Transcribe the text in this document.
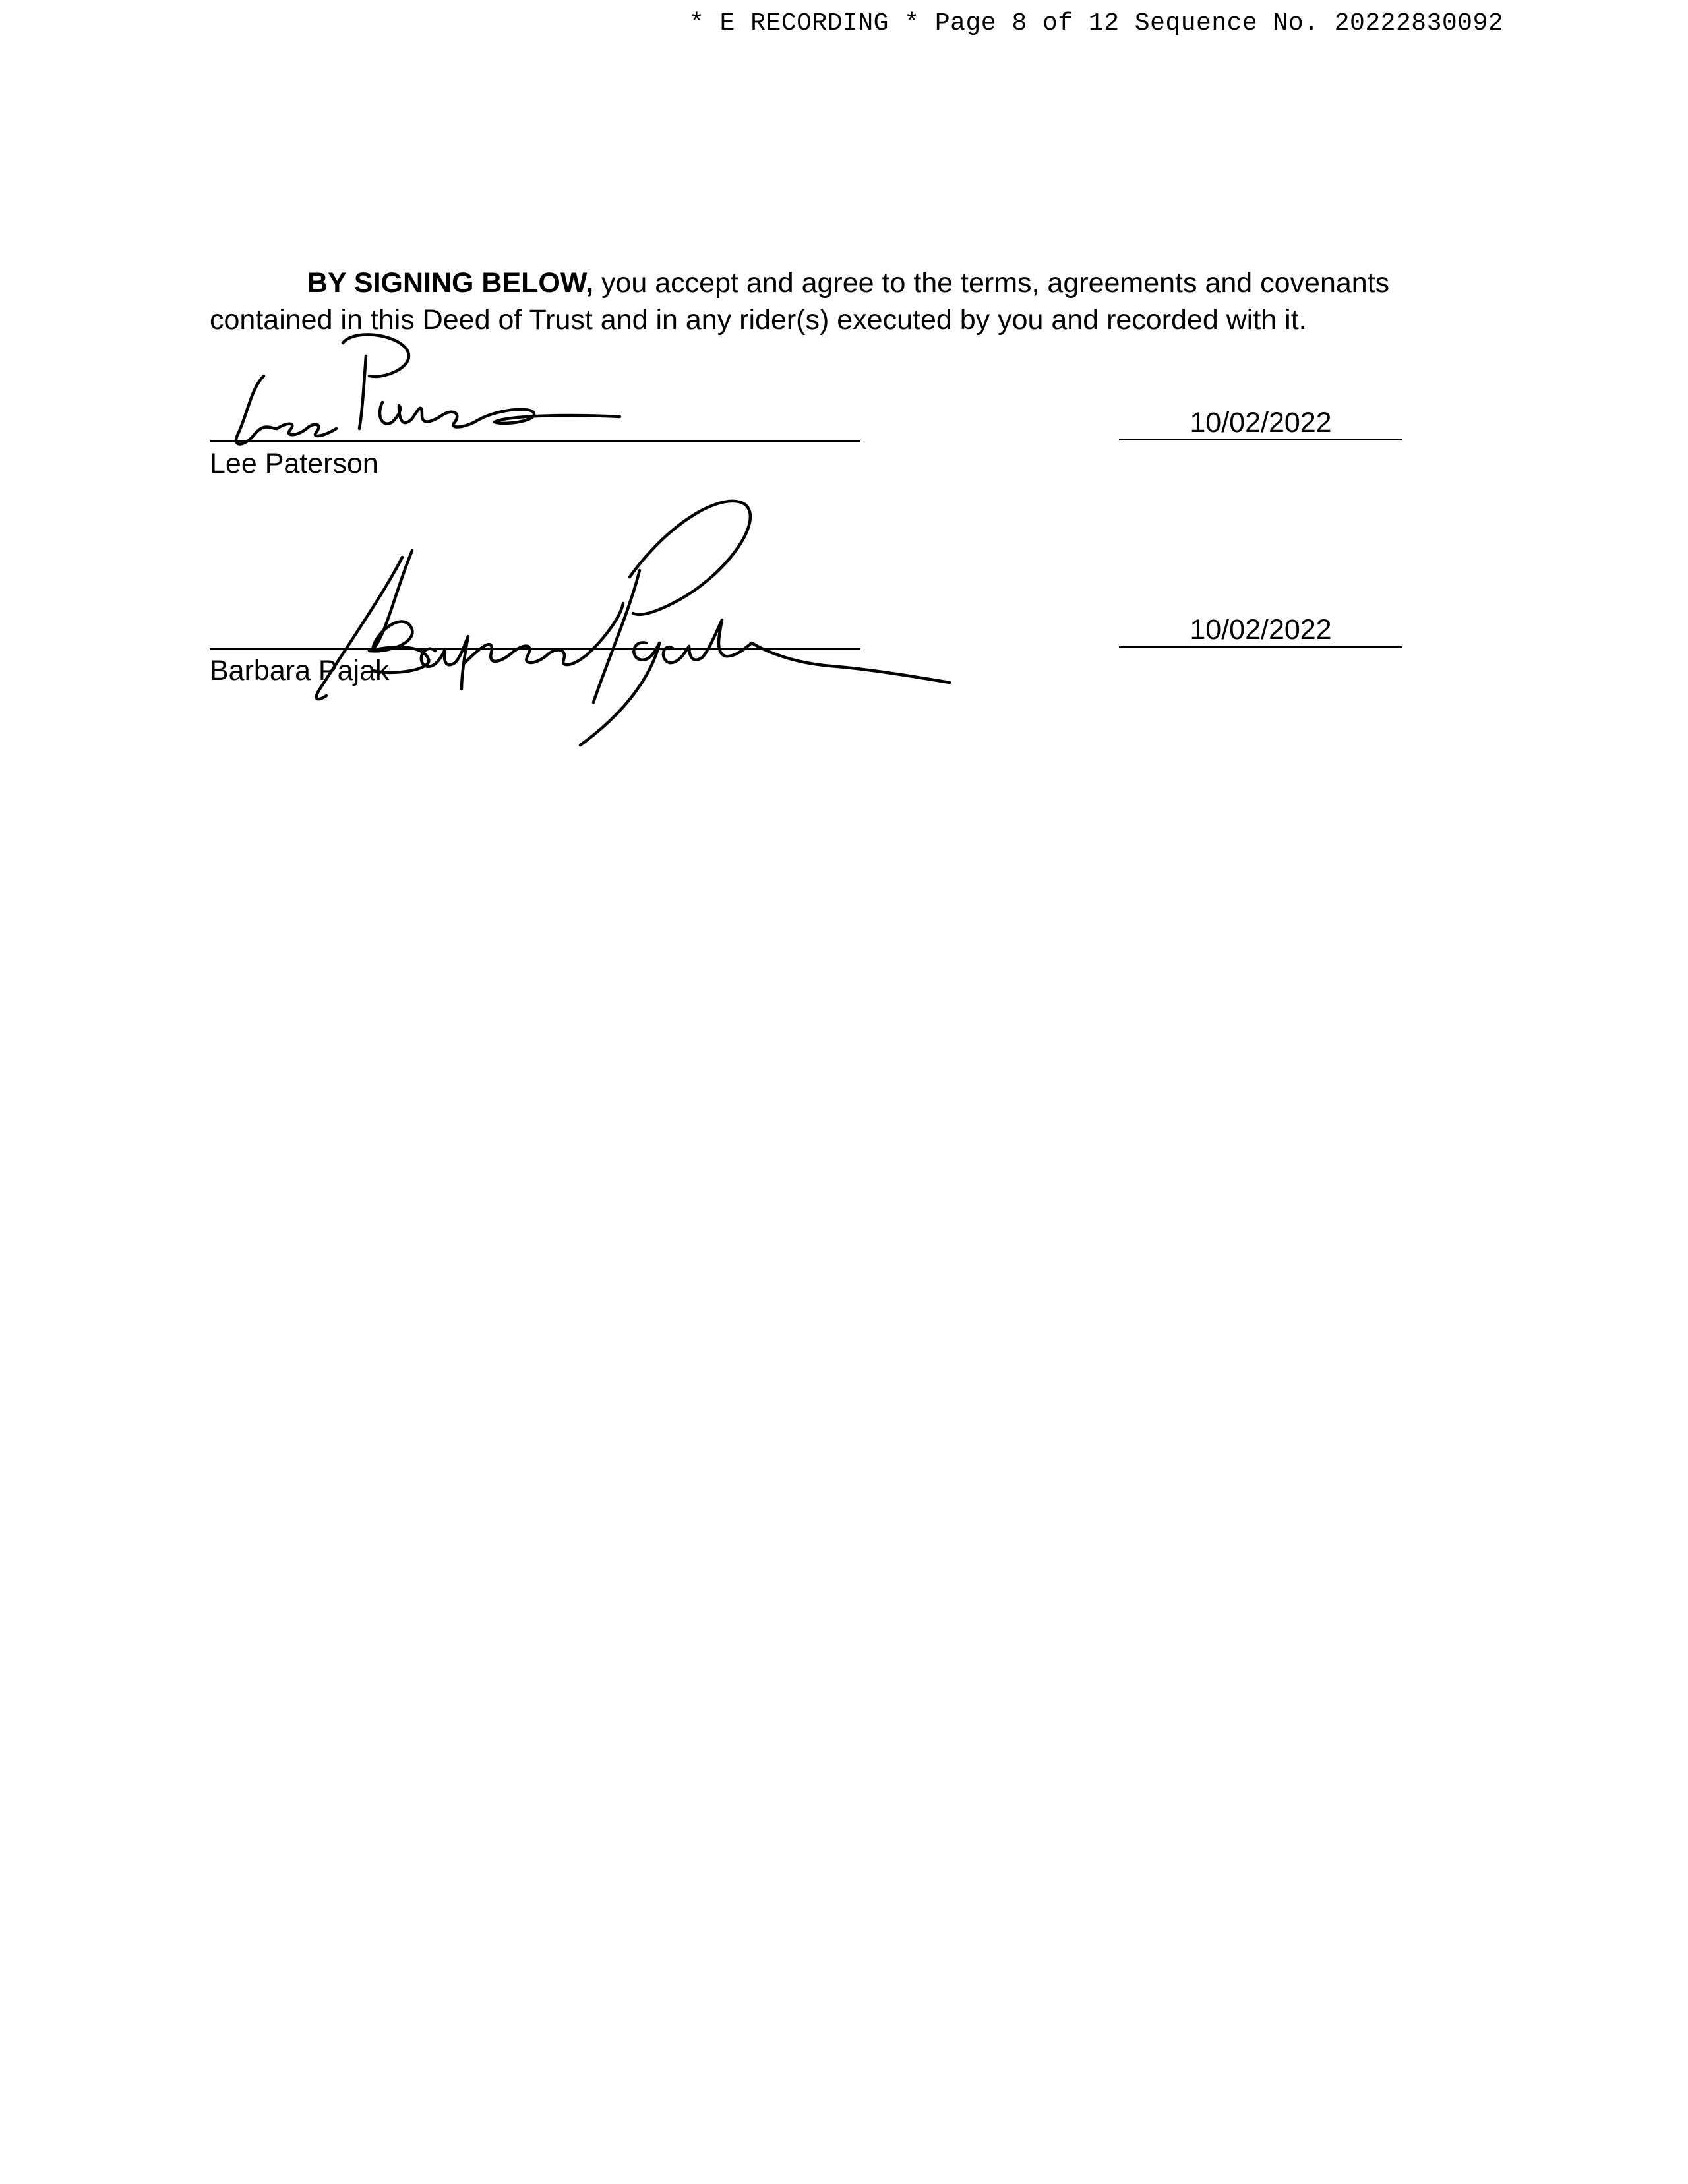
* E RECORDING * Page 8 of 12 Sequence No. 20222830092

BY SIGNING BELOW, you accept and agree to the terms, agreements and covenants contained in this Deed of Trust and in any rider(s) executed by you and recorded with it.

Lee Paterson
10/02/2022
Barbara Pajak
10/02/2022
